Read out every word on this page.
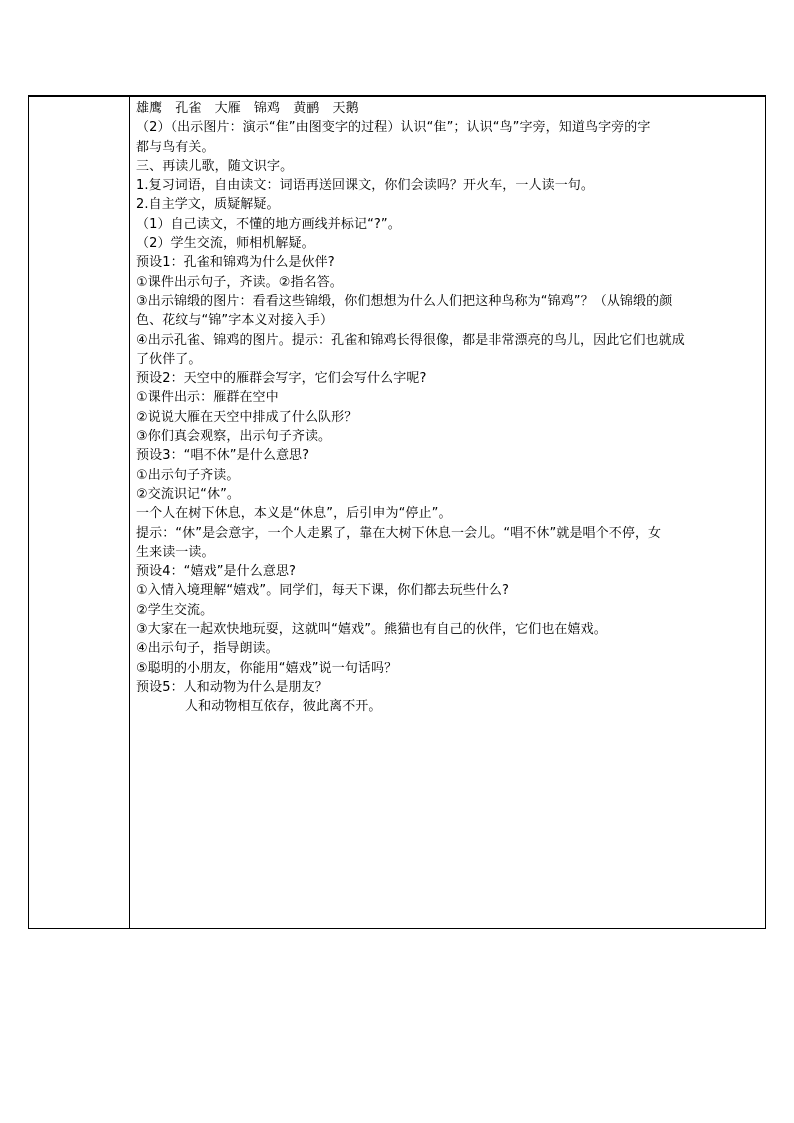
雄鹰　孔雀　大雁　锦鸡　黄鹂　天鹅
（2）（出示图片：演示“隹”由图变字的过程）认识“隹”；认识“鸟”字旁，知道鸟字旁的字
都与鸟有关。
三、再读儿歌，随文识字。
1.复习词语，自由读文：词语再送回课文，你们会读吗？开火车，一人读一句。
2.自主学文，质疑解疑。
（1）自己读文，不懂的地方画线并标记“?”。
（2）学生交流，师相机解疑。
预设1：孔雀和锦鸡为什么是伙伴?
①课件出示句子，齐读。②指名答。
③出示锦缎的图片：看看这些锦缎，你们想想为什么人们把这种鸟称为“锦鸡”？（从锦缎的颜
色、花纹与“锦”字本义对接入手）
④出示孔雀、锦鸡的图片。提示：孔雀和锦鸡长得很像，都是非常漂亮的鸟儿，因此它们也就成
了伙伴了。
预设2：天空中的雁群会写字，它们会写什么字呢?
①课件出示：雁群在空中
②说说大雁在天空中排成了什么队形？
③你们真会观察，出示句子齐读。
预设3：“唱不休”是什么意思?
①出示句子齐读。
②交流识记“休”。
一个人在树下休息，本义是“休息”，后引申为“停止”。
提示：“休”是会意字，一个人走累了，靠在大树下休息一会儿。“唱不休”就是唱个不停，女
生来读一读。
预设4：“嬉戏”是什么意思?
①入情入境理解“嬉戏”。同学们，每天下课，你们都去玩些什么?
②学生交流。
③大家在一起欢快地玩耍，这就叫“嬉戏”。熊猫也有自己的伙伴，它们也在嬉戏。
④出示句子，指导朗读。
⑤聪明的小朋友，你能用“嬉戏”说一句话吗？
预设5：人和动物为什么是朋友？
人和动物相互依存，彼此离不开。
